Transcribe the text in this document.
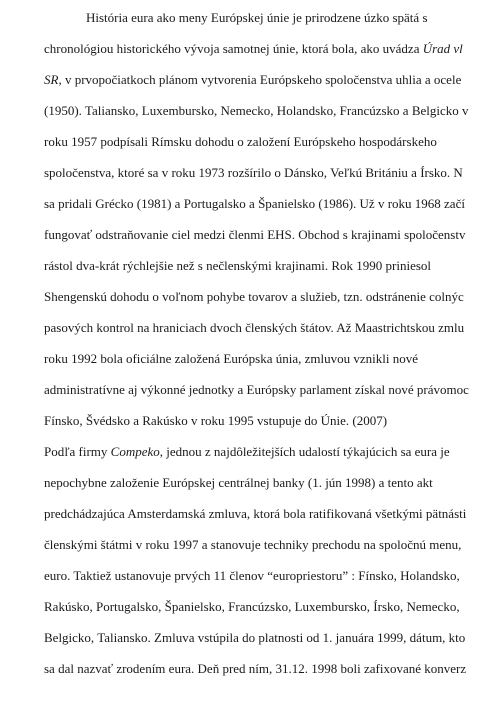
História eura ako meny Európskej únie je prirodzene úzko spätá s
chronológiou historického vývoja samotnej únie, ktorá bola, ako uvádza Úrad vl
SR, v prvopočiatkoch plánom vytvorenia Európskeho spoločenstva uhlia a ocele
(1950). Taliansko, Luxembursko, Nemecko, Holandsko, Francúzsko a Belgicko v
roku 1957 podpísali Rímsku dohodu o založení Európskeho hospodárskeho
spoločenstva, ktoré sa v roku 1973 rozšírilo o Dánsko, Veľkú Britániu a Írsko. N
sa pridali Grécko (1981) a Portugalsko a Španielsko (1986). Už v roku 1968 začí
fungovať odstraňovanie ciel medzi členmi EHS. Obchod s krajinami spoločenstv
rástol dva-krát rýchlejšie než s nečlenskými krajinami. Rok 1990 priniesol
Shengenskú dohodu o voľnom pohybe tovarov a služieb, tzn. odstránenie colnýc
pasových kontrol na hraniciach dvoch členských štátov. Až Maastrichtskou zmlu
roku 1992 bola oficiálne založená Európska únia, zmluvou vznikli nové
administratívne aj výkonné jednotky a Európsky parlament získal nové právomoc
Fínsko, Švédsko a Rakúsko v roku 1995 vstupuje do Únie. (2007)
Podľa firmy Compeko, jednou z najdôležitejších udalostí týkajúcich sa eura je
nepochybne založenie Európskej centrálnej banky (1. jún 1998) a tento akt
predchádzajúca Amsterdamská zmluva, ktorá bola ratifikovaná všetkými pätnásti
členskými štátmi v roku 1997 a stanovuje techniky prechodu na spoločnú menu,
euro. Taktiež ustanovuje prvých 11 členov “europriestoru” : Fínsko, Holandsko,
Rakúsko, Portugalsko, Španielsko, Francúzsko, Luxembursko, Írsko, Nemecko,
Belgicko, Taliansko. Zmluva vstúpila do platnosti od 1. januára 1999, dátum, kto
sa dal nazvať zrodením eura. Deň pred ním, 31.12. 1998 boli zafixované konverz
